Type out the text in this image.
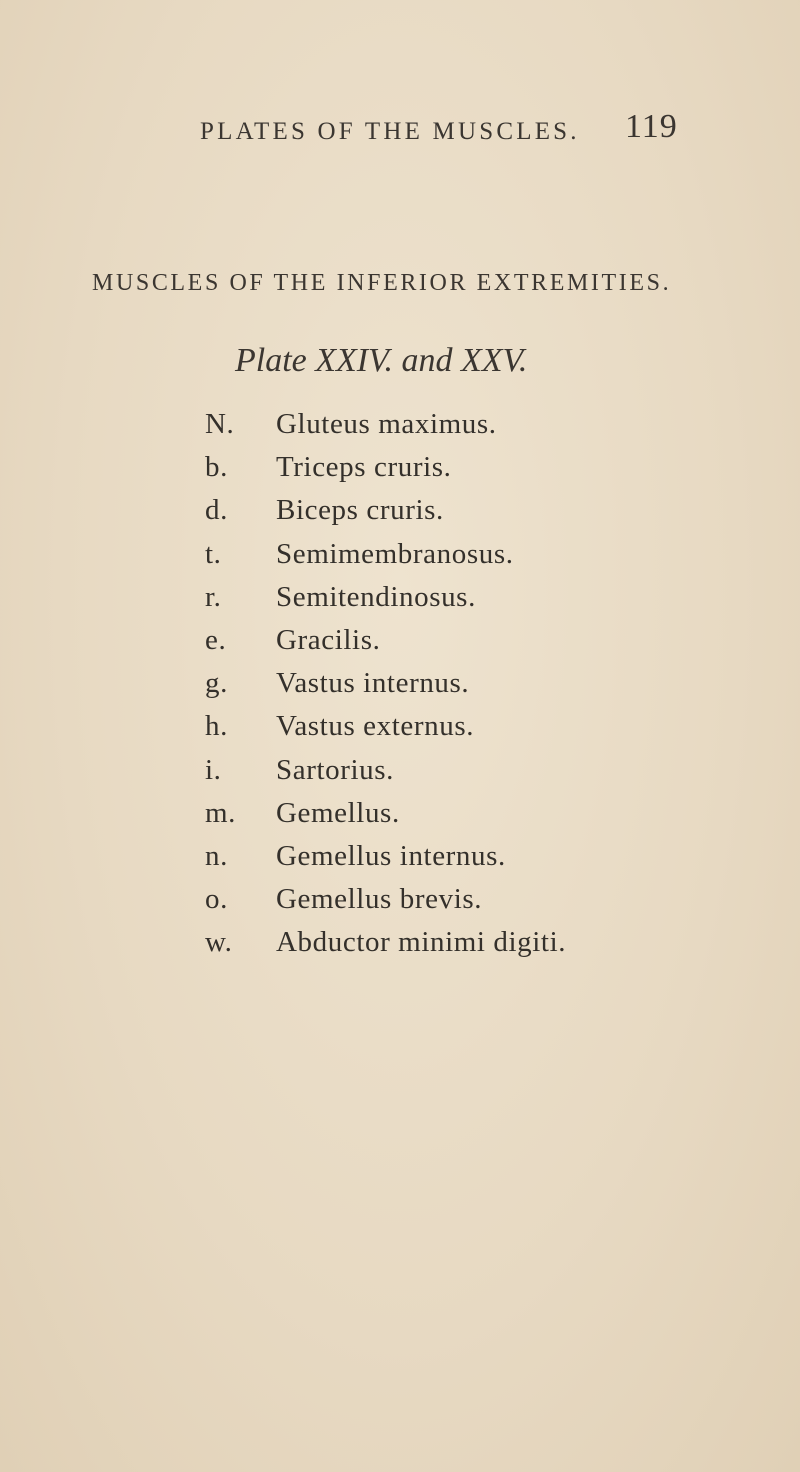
PLATES OF THE MUSCLES. 119
MUSCLES OF THE INFERIOR EXTREMITIES.
Plate XXIV. and XXV.
N.	Gluteus maximus.
b.	Triceps cruris.
d.	Biceps cruris.
t.	Semimembranosus.
r.	Semitendinosus.
e.	Gracilis.
g.	Vastus internus.
h.	Vastus externus.
i.	Sartorius.
m.	Gemellus.
n.	Gemellus internus.
o.	Gemellus brevis.
w.	Abductor minimi digiti.
